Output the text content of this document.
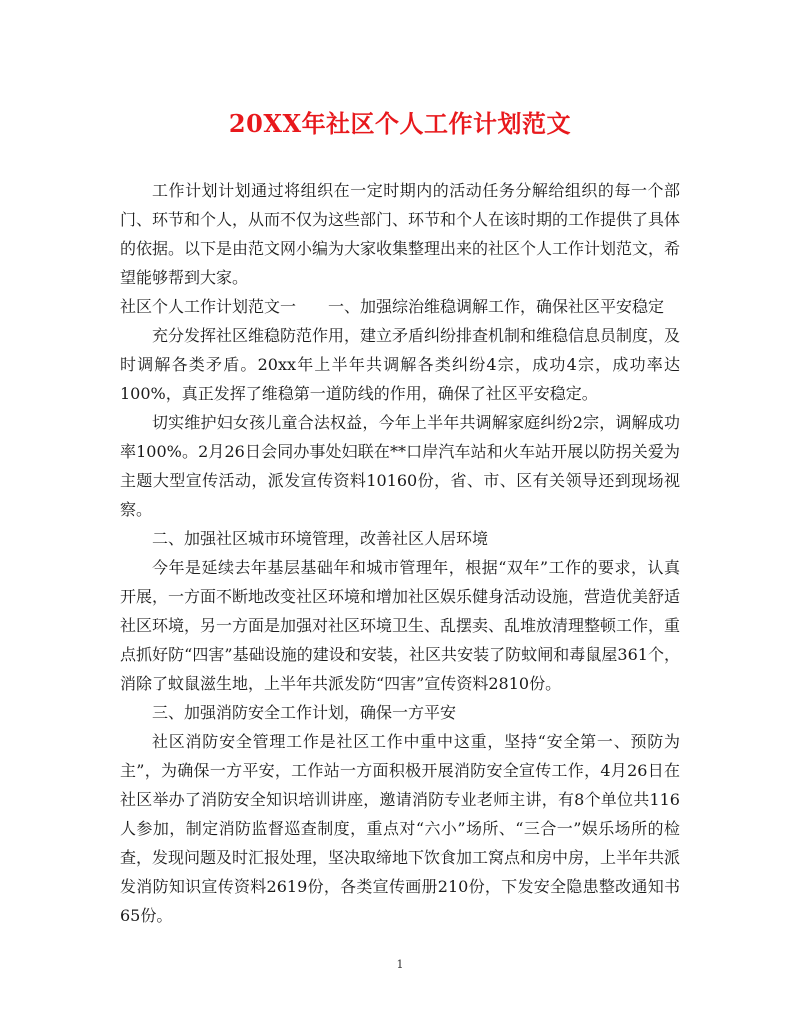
20XX年社区个人工作计划范文

工作计划计划通过将组织在一定时期内的活动任务分解给组织的每一个部门、环节和个人，从而不仅为这些部门、环节和个人在该时期的工作提供了具体的依据。以下是由范文网小编为大家收集整理出来的社区个人工作计划范文，希望能够帮到大家。

社区个人工作计划范文一 一、加强综治维稳调解工作，确保社区平安稳定

充分发挥社区维稳防范作用，建立矛盾纠纷排查机制和维稳信息员制度，及时调解各类矛盾。20xx年上半年共调解各类纠纷4宗，成功4宗，成功率达100%，真正发挥了维稳第一道防线的作用，确保了社区平安稳定。

切实维护妇女孩儿童合法权益，今年上半年共调解家庭纠纷2宗，调解成功率100%。2月26日会同办事处妇联在**口岸汽车站和火车站开展以防拐关爱为主题大型宣传活动，派发宣传资料10160份，省、市、区有关领导还到现场视察。

二、加强社区城市环境管理，改善社区人居环境

今年是延续去年基层基础年和城市管理年，根据“双年”工作的要求，认真开展，一方面不断地改变社区环境和增加社区娱乐健身活动设施，营造优美舒适社区环境，另一方面是加强对社区环境卫生、乱摆卖、乱堆放清理整顿工作，重点抓好防“四害”基础设施的建设和安装，社区共安装了防蚊闸和毒鼠屋361个，消除了蚊鼠滋生地，上半年共派发防“四害”宣传资料2810份。

三、加强消防安全工作计划，确保一方平安

社区消防安全管理工作是社区工作中重中这重，坚持“安全第一、预防为主”，为确保一方平安，工作站一方面积极开展消防安全宣传工作，4月26日在社区举办了消防安全知识培训讲座，邀请消防专业老师主讲，有8个单位共116人参加，制定消防监督巡查制度，重点对“六小”场所、“三合一”娱乐场所的检查，发现问题及时汇报处理，坚决取缔地下饮食加工窝点和房中房，上半年共派发消防知识宣传资料2619份，各类宣传画册210份，下发安全隐患整改通知书65份。

1
